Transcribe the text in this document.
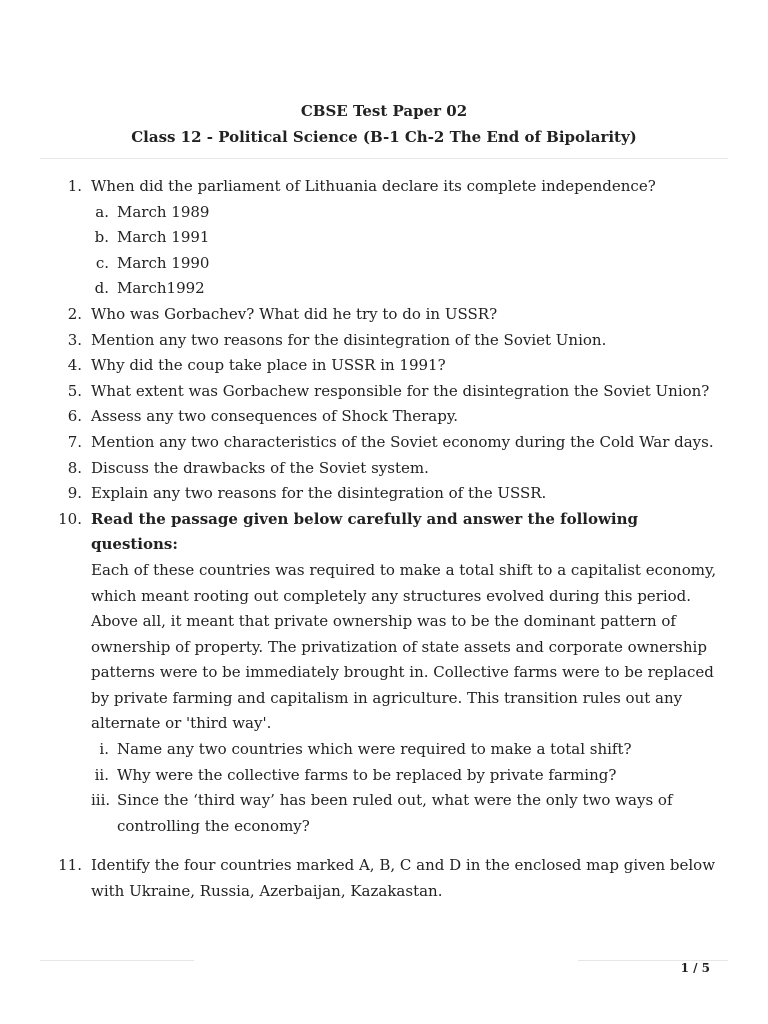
CBSE Test Paper 02
Class 12 - Political Science (B-1 Ch-2 The End of Bipolarity)
1. When did the parliament of Lithuania declare its complete independence?
a. March 1989
b. March 1991
c. March 1990
d. March1992
2. Who was Gorbachev? What did he try to do in USSR?
3. Mention any two reasons for the disintegration of the Soviet Union.
4. Why did the coup take place in USSR in 1991?
5. What extent was Gorbachew responsible for the disintegration the Soviet Union?
6. Assess any two consequences of Shock Therapy.
7. Mention any two characteristics of the Soviet economy during the Cold War days.
8. Discuss the drawbacks of the Soviet system.
9. Explain any two reasons for the disintegration of the USSR.
10. Read the passage given below carefully and answer the following questions:
Each of these countries was required to make a total shift to a capitalist economy, which meant rooting out completely any structures evolved during this period. Above all, it meant that private ownership was to be the dominant pattern of ownership of property. The privatization of state assets and corporate ownership patterns were to be immediately brought in. Collective farms were to be replaced by private farming and capitalism in agriculture. This transition rules out any alternate or 'third way'.
i. Name any two countries which were required to make a total shift?
ii. Why were the collective farms to be replaced by private farming?
iii. Since the ‘third way’ has been ruled out, what were the only two ways of controlling the economy?
11. Identify the four countries marked A, B, C and D in the enclosed map given below with Ukraine, Russia, Azerbaijan, Kazakastan.
1 / 5
